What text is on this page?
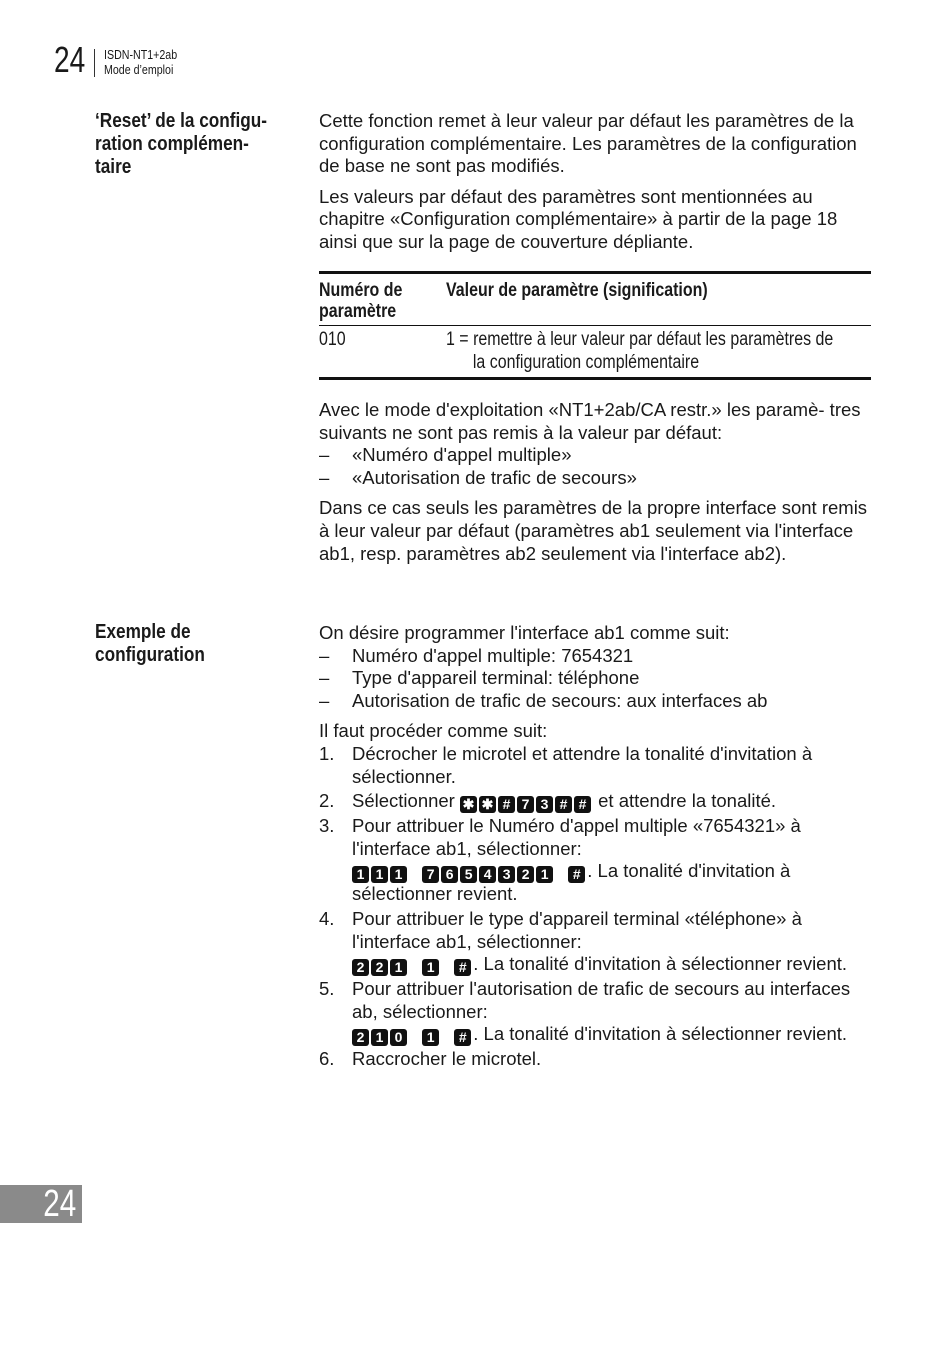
24 ISDN-NT1+2ab
Mode d’emploi
‘Reset’ de la configu- ration complémen- taire

Cette fonction remet à leur valeur par défaut les paramètres de la configuration complémentaire. Les paramètres de la configuration de base ne sont pas modifiés.

Les valeurs par défaut des paramètres sont mentionnées au chapitre «Configuration complémentaire» à partir de la page 18 ainsi que sur la page de couverture dépliante.

Numéro de paramètre
Valeur de paramètre (signification)
010	1 = remettre à leur valeur par défaut les paramètres de
la configuration complémentaire
Avec le mode d'exploitation «NT1+2ab/CA restr.» les paramè- tres suivants ne sont pas remis à la valeur par défaut:
– «Numéro d'appel multiple»
– «Autorisation de trafic de secours»
Dans ce cas seuls les paramètres de la propre interface sont remis à leur valeur par défaut (paramètres ab1 seulement via l'interface ab1, resp. paramètres ab2 seulement via l'interface ab2).
Exemple de configuration
On désire programmer l'interface ab1 comme suit:
– Numéro d'appel multiple: 7654321
– Type d'appareil terminal: téléphone
– Autorisation de trafic de secours: aux interfaces ab
Il faut procéder comme suit:
1. Décrocher le microtel et attendre la tonalité d'invitation à sélectionner.
2. Sélectionner ✱ ✱ # 7 3 # # et attendre la tonalité.
3. Pour attribuer le Numéro d'appel multiple «7654321» à l'interface ab1, sélectionner:
1 1 1 7 6 5 4 3 2 1 # . La tonalité d'invitation à sélectionner revient.
4. Pour attribuer le type d'appareil terminal «téléphone» à l'interface ab1, sélectionner:
2 2 1 1 # . La tonalité d'invitation à sélectionner revient.
5. Pour attribuer l'autorisation de trafic de secours au interfaces ab, sélectionner:
2 1 0 1 # . La tonalité d'invitation à sélectionner revient.
6. Raccrocher le microtel.
24
